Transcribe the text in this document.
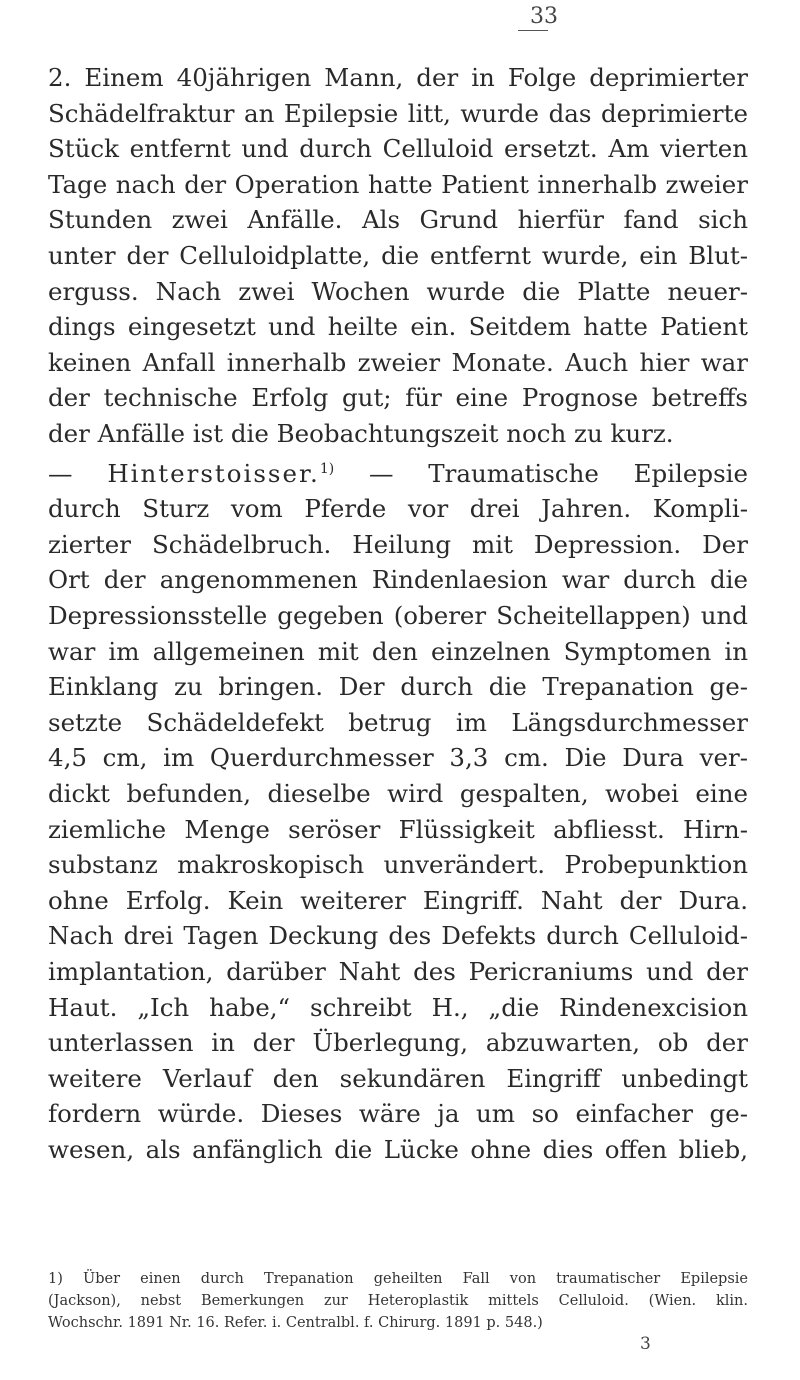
33
2. Einem 40jährigen Mann, der in Folge deprimierter
Schädelfraktur an Epilepsie litt, wurde das deprimierte
Stück entfernt und durch Celluloid ersetzt. Am vierten
Tage nach der Operation hatte Patient innerhalb zweier
Stunden zwei Anfälle. Als Grund hierfür fand sich
unter der Celluloidplatte, die entfernt wurde, ein Blut-
erguss. Nach zwei Wochen wurde die Platte neuer-
dings eingesetzt und heilte ein. Seitdem hatte Patient
keinen Anfall innerhalb zweier Monate. Auch hier war
der technische Erfolg gut; für eine Prognose betreffs
der Anfälle ist die Beobachtungszeit noch zu kurz.
— Hinterstoisser.$^{1)}$ — Traumatische Epilepsie
durch Sturz vom Pferde vor drei Jahren. Kompli-
zierter Schädelbruch. Heilung mit Depression. Der
Ort der angenommenen Rindenlaesion war durch die
Depressionsstelle gegeben (oberer Scheitellappen) und
war im allgemeinen mit den einzelnen Symptomen in
Einklang zu bringen. Der durch die Trepanation ge-
setzte Schädeldefekt betrug im Längsdurchmesser
4,5 cm, im Querdurchmesser 3,3 cm. Die Dura ver-
dickt befunden, dieselbe wird gespalten, wobei eine
ziemliche Menge seröser Flüssigkeit abfliesst. Hirn-
substanz makroskopisch unverändert. Probepunktion
ohne Erfolg. Kein weiterer Eingriff. Naht der Dura.
Nach drei Tagen Deckung des Defekts durch Celluloid-
implantation, darüber Naht des Pericraniums und der
Haut. „Ich habe,“ schreibt H., „die Rindenexcision
unterlassen in der Überlegung, abzuwarten, ob der
weitere Verlauf den sekundären Eingriff unbedingt
fordern würde. Dieses wäre ja um so einfacher ge-
wesen, als anfänglich die Lücke ohne dies offen blieb,
1) Über einen durch Trepanation geheilten Fall von traumatischer Epilepsie
(Jackson), nebst Bemerkungen zur Heteroplastik mittels Celluloid. (Wien. klin.
Wochschr. 1891 Nr. 16. Refer. i. Centralbl. f. Chirurg. 1891 p. 548.)
3
